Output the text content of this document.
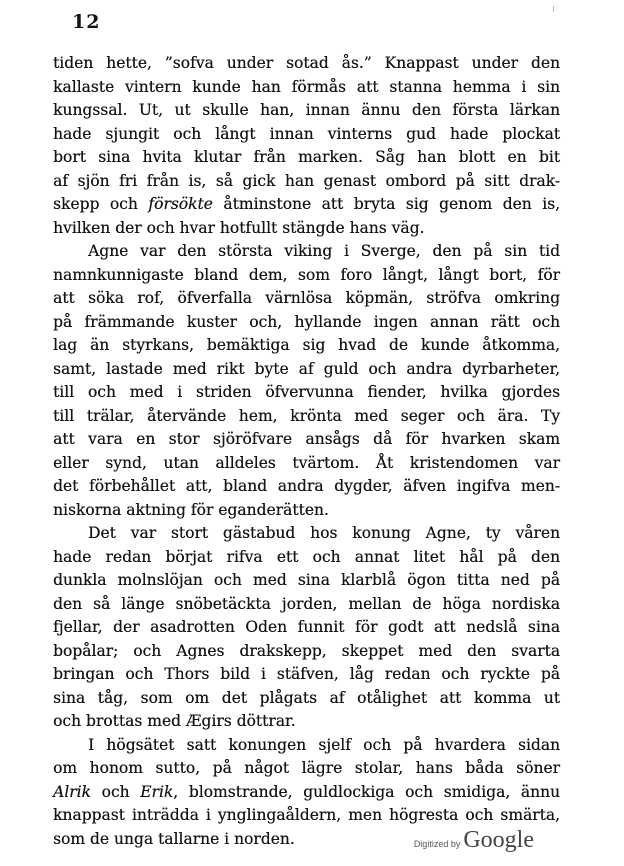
12
tiden hette, ”sofva under sotad ås.” Knappast under den
kallaste vintern kunde han förmås att stanna hemma i sin
kungssal. Ut, ut skulle han, innan ännu den första lärkan
hade sjungit och långt innan vinterns gud hade plockat
bort sina hvita klutar från marken. Såg han blott en bit
af sjön fri från is, så gick han genast ombord på sitt drak-
skepp och försökte åtminstone att bryta sig genom den is,
hvilken der och hvar hotfullt stängde hans väg.
Agne var den största viking i Sverge, den på sin tid
namnkunnigaste bland dem, som foro långt, långt bort, för
att söka rof, öfverfalla värnlösa köpmän, ströfva omkring
på främmande kuster och, hyllande ingen annan rätt och
lag än styrkans, bemäktiga sig hvad de kunde åtkomma,
samt, lastade med rikt byte af guld och andra dyrbarheter,
till och med i striden öfvervunna fiender, hvilka gjordes
till trälar, återvände hem, krönta med seger och ära. Ty
att vara en stor sjöröfvare ansågs då för hvarken skam
eller synd, utan alldeles tvärtom. Åt kristendomen var
det förbehållet att, bland andra dygder, äfven ingifva men-
niskorna aktning för eganderätten.
Det var stort gästabud hos konung Agne, ty våren
hade redan börjat rifva ett och annat litet hål på den
dunkla molnslöjan och med sina klarblå ögon titta ned på
den så länge snöbetäckta jorden, mellan de höga nordiska
fjellar, der asadrotten Oden funnit för godt att nedslå sina
bopålar; och Agnes drakskepp, skeppet med den svarta
bringan och Thors bild i stäfven, låg redan och ryckte på
sina tåg, som om det plågats af otålighet att komma ut
och brottas med Ægirs döttrar.
I högsätet satt konungen sjelf och på hvardera sidan
om honom sutto, på något lägre stolar, hans båda söner
Alrik och Erik, blomstrande, guldlockiga och smidiga, ännu
knappast inträdda i ynglingaåldern, men högresta och smärta,
som de unga tallarne i norden.	Digitized by Google
